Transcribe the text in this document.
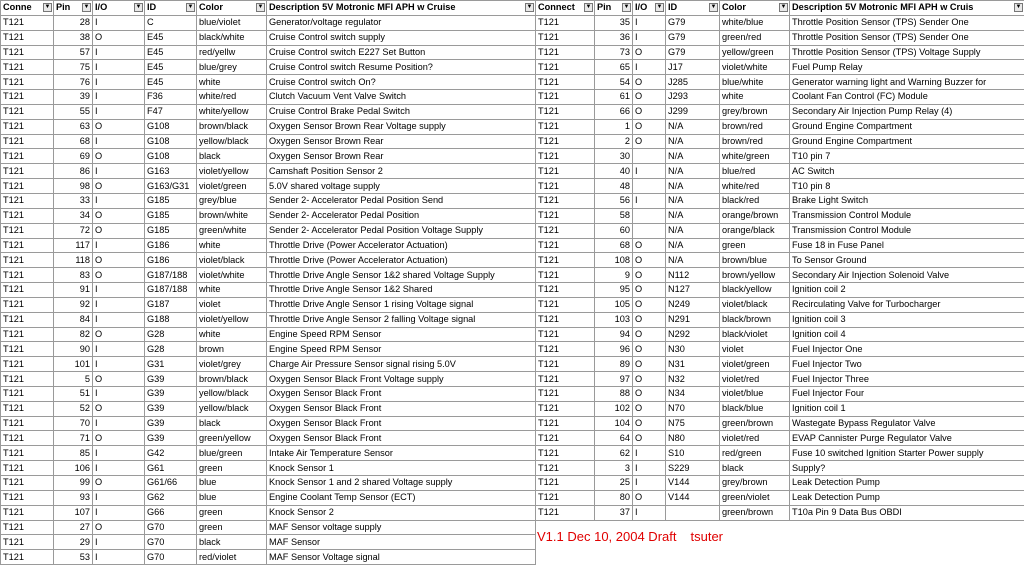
Conne ▼	Pin ▼	I/O ▼	ID ▼	Color ▼	Description 5V Motronic MFI APH w Cruise ▼

T121	28	I	C	blue/violet	Generator/voltage regulator
T121	38	O	E45	black/white	Cruise Control switch supply
T121	57	I	E45	red/yellw	Cruise Control switch E227 Set Button
T121	75	I	E45	blue/grey	Cruise Control switch Resume Position?
T121	76	I	E45	white	Cruise Control switch On?
T121	39	I	F36	white/red	Clutch Vacuum Vent Valve Switch
T121	55	I	F47	white/yellow	Cruise Control Brake Pedal Switch
T121	63	O	G108	brown/black	Oxygen Sensor Brown Rear Voltage supply
T121	68	I	G108	yellow/black	Oxygen Sensor Brown Rear
T121	69	O	G108	black	Oxygen Sensor Brown Rear
T121	86	I	G163	violet/yellow	Camshaft Position Sensor 2
T121	98	O	G163/G31	violet/green	5.0V shared voltage supply
T121	33	I	G185	grey/blue	Sender 2- Accelerator Pedal Position Send
T121	34	O	G185	brown/white	Sender 2- Accelerator Pedal Position
T121	72	O	G185	green/white	Sender 2- Accelerator Pedal Position Voltage Supply
T121	117	I	G186	white	Throttle Drive (Power Accelerator Actuation)
T121	118	O	G186	violet/black	Throttle Drive (Power Accelerator Actuation)
T121	83	O	G187/188	violet/white	Throttle Drive Angle Sensor 1&2 shared Voltage Supply
T121	91	I	G187/188	white	Throttle Drive Angle Sensor 1&2 Shared
T121	92	I	G187	violet	Throttle Drive Angle Sensor 1 rising Voltage signal
T121	84	I	G188	violet/yellow	Throttle Drive Angle Sensor 2 falling Voltage signal
T121	82	O	G28	white	Engine Speed RPM Sensor
T121	90	I	G28	brown	Engine Speed RPM Sensor
T121	101	I	G31	violet/grey	Charge Air Pressure Sensor signal rising 5.0V
T121	5	O	G39	brown/black	Oxygen Sensor Black Front Voltage supply
T121	51	I	G39	yellow/black	Oxygen Sensor Black Front
T121	52	O	G39	yellow/black	Oxygen Sensor Black Front
T121	70	I	G39	black	Oxygen Sensor Black Front
T121	71	O	G39	green/yellow	Oxygen Sensor Black Front
T121	85	I	G42	blue/green	Intake Air Temperature Sensor
T121	106	I	G61	green	Knock Sensor 1
T121	99	O	G61/66	blue	Knock Sensor 1 and 2 shared Voltage supply
T121	93	I	G62	blue	Engine Coolant Temp Sensor (ECT)
T121	107	I	G66	green	Knock Sensor 2
T121	27	O	G70	green	MAF Sensor voltage supply
T121	29	I	G70	black	MAF Sensor
T121	53	I	G70	red/violet	MAF Sensor Voltage signal
Connect ▼	Pin ▼	I/O ▼	ID ▼	Color ▼	Description 5V Motronic MFI APH w Cruis ▼

T121	35	I	G79	white/blue	Throttle Position Sensor (TPS) Sender One
T121	36	I	G79	green/red	Throttle Position Sensor (TPS) Sender One
T121	73	O	G79	yellow/green	Throttle Position Sensor (TPS) Voltage Supply
T121	65	I	J17	violet/white	Fuel Pump Relay
T121	54	O	J285	blue/white	Generator warning light and Warning Buzzer for
T121	61	O	J293	white	Coolant Fan Control (FC) Module
T121	66	O	J299	grey/brown	Secondary Air Injection Pump Relay (4)
T121	1	O	N/A	brown/red	Ground Engine Compartment
T121	2	O	N/A	brown/red	Ground Engine Compartment
T121	30		N/A	white/green	T10 pin 7
T121	40	I	N/A	blue/red	AC Switch
T121	48		N/A	white/red	T10 pin 8
T121	56	I	N/A	black/red	Brake Light Switch
T121	58		N/A	orange/brown	Transmission Control Module
T121	60		N/A	orange/black	Transmission Control Module
T121	68	O	N/A	green	Fuse 18 in Fuse Panel
T121	108	O	N/A	brown/blue	To Sensor Ground
T121	9	O	N112	brown/yellow	Secondary Air Injection Solenoid Valve
T121	95	O	N127	black/yellow	Ignition coil 2
T121	105	O	N249	violet/black	Recirculating Valve for Turbocharger
T121	103	O	N291	black/brown	Ignition coil 3
T121	94	O	N292	black/violet	Ignition coil 4
T121	96	O	N30	violet	Fuel Injector One
T121	89	O	N31	violet/green	Fuel Injector Two
T121	97	O	N32	violet/red	Fuel Injector Three
T121	88	O	N34	violet/blue	Fuel Injector Four
T121	102	O	N70	black/blue	Ignition coil 1
T121	104	O	N75	green/brown	Wastegate Bypass Regulator Valve
T121	64	O	N80	violet/red	EVAP Cannister Purge Regulator Valve
T121	62	I	S10	red/green	Fuse 10 switched Ignition Starter Power supply
T121	3	I	S229	black	Supply?
T121	25	I	V144	grey/brown	Leak Detection Pump
T121	80	O	V144	green/violet	Leak Detection Pump
T121	37	I		green/brown	T10a Pin 9 Data Bus OBDI
V1.1 Dec 10, 2004 Draft tsuter
